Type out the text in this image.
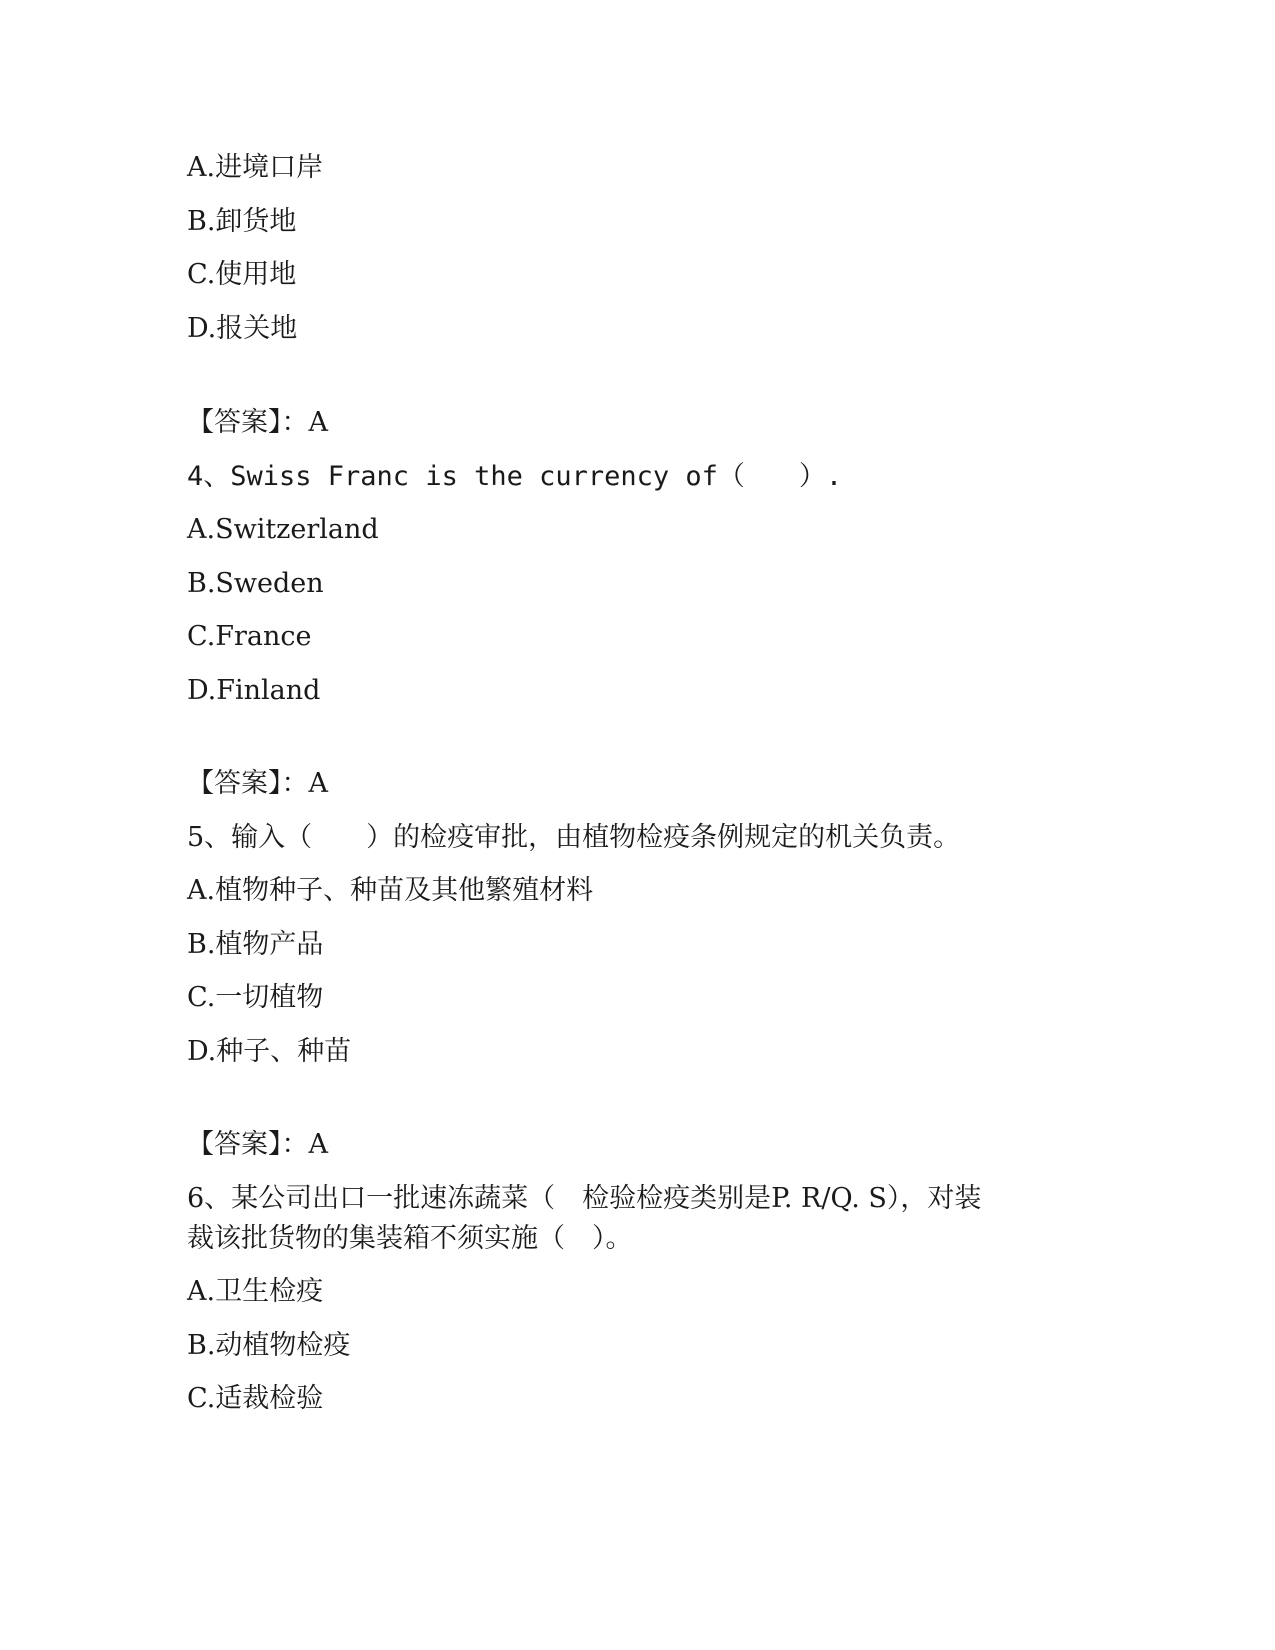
A.进境口岸
B.卸货地
C.使用地
D.报关地
【答案】：A
4、Swiss Franc is the currency of（　　）.
A.Switzerland
B.Sweden
C.France
D.Finland
【答案】：A
5、输入（　　）的检疫审批，由植物检疫条例规定的机关负责。
A.植物种子、种苗及其他繁殖材料
B.植物产品
C.一切植物
D.种子、种苗
【答案】：A
6、某公司出口一批速冻蔬菜（　检验检疫类别是P. R/Q. S），对装
裁该批货物的集装箱不须实施（　）。
A.卫生检疫
B.动植物检疫
C.适裁检验
